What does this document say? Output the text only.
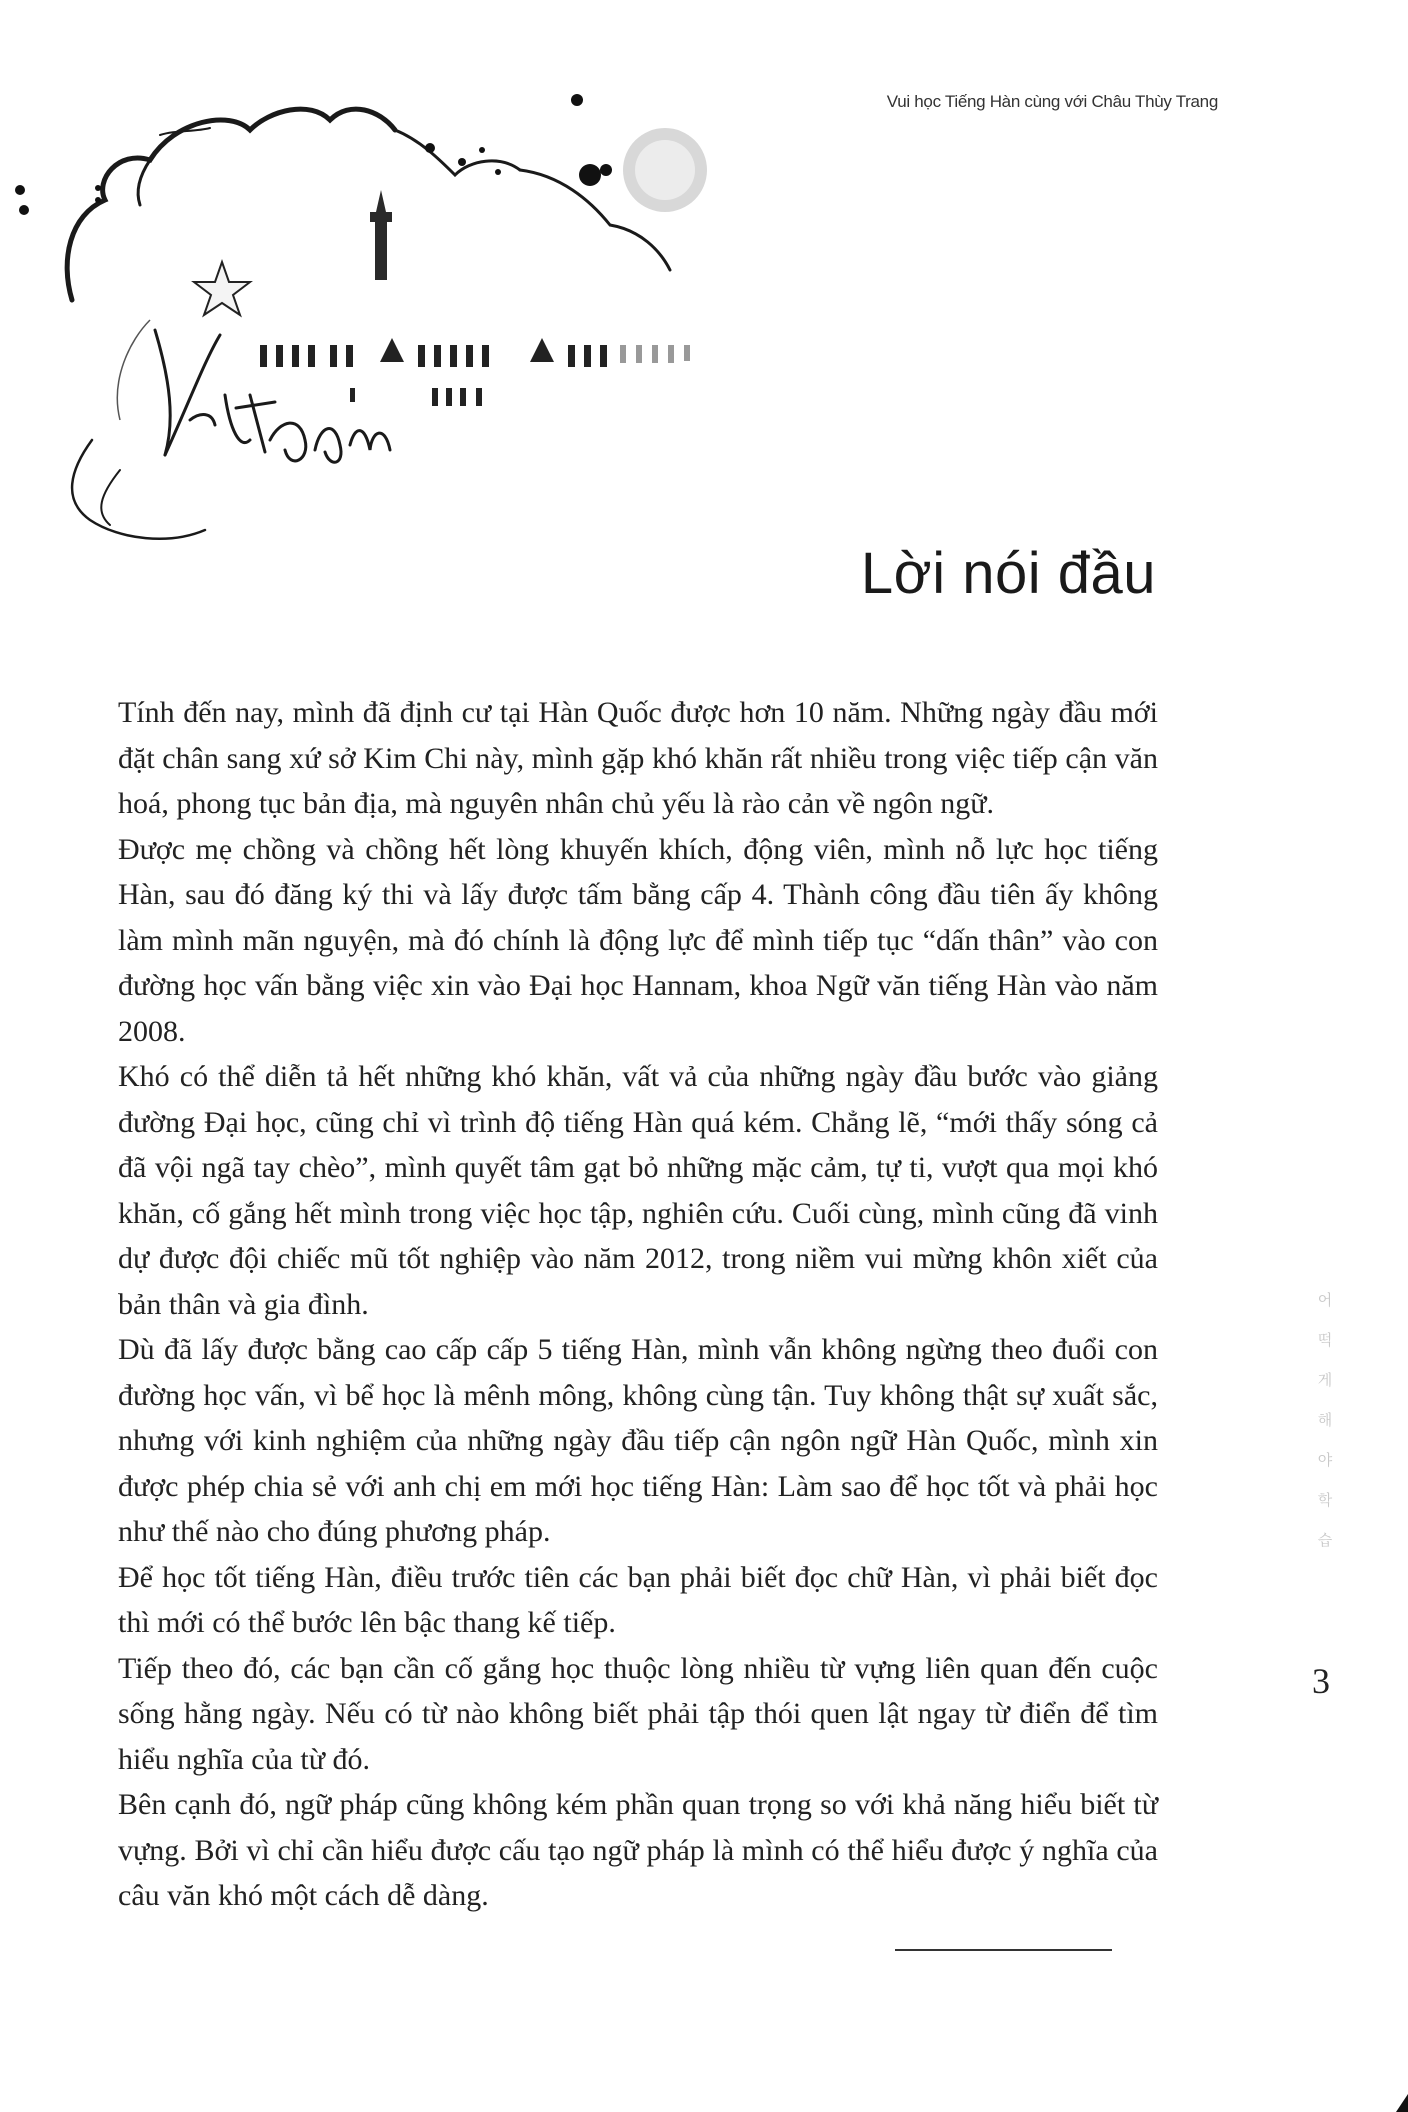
Vui học Tiếng Hàn cùng với Châu Thùy Trang
Lời nói đầu

Tính đến nay, mình đã định cư tại Hàn Quốc được hơn 10 năm. Những ngày đầu mới đặt chân sang xứ sở Kim Chi này, mình gặp khó khăn rất nhiều trong việc tiếp cận văn hoá, phong tục bản địa, mà nguyên nhân chủ yếu là rào cản về ngôn ngữ.

Được mẹ chồng và chồng hết lòng khuyến khích, động viên, mình nỗ lực học tiếng Hàn, sau đó đăng ký thi và lấy được tấm bằng cấp 4. Thành công đầu tiên ấy không làm mình mãn nguyện, mà đó chính là động lực để mình tiếp tục “dấn thân” vào con đường học vấn bằng việc xin vào Đại học Hannam, khoa Ngữ văn tiếng Hàn vào năm 2008.

Khó có thể diễn tả hết những khó khăn, vất vả của những ngày đầu bước vào giảng đường Đại học, cũng chỉ vì trình độ tiếng Hàn quá kém. Chẳng lẽ, “mới thấy sóng cả đã vội ngã tay chèo”, mình quyết tâm gạt bỏ những mặc cảm, tự ti, vượt qua mọi khó khăn, cố gắng hết mình trong việc học tập, nghiên cứu. Cuối cùng, mình cũng đã vinh dự được đội chiếc mũ tốt nghiệp vào năm 2012, trong niềm vui mừng khôn xiết của bản thân và gia đình.

Dù đã lấy được bằng cao cấp cấp 5 tiếng Hàn, mình vẫn không ngừng theo đuổi con đường học vấn, vì bể học là mênh mông, không cùng tận. Tuy không thật sự xuất sắc, nhưng với kinh nghiệm của những ngày đầu tiếp cận ngôn ngữ Hàn Quốc, mình xin được phép chia sẻ với anh chị em mới học tiếng Hàn: Làm sao để học tốt và phải học như thế nào cho đúng phương pháp.

Để học tốt tiếng Hàn, điều trước tiên các bạn phải biết đọc chữ Hàn, vì phải biết đọc thì mới có thể bước lên bậc thang kế tiếp.

Tiếp theo đó, các bạn cần cố gắng học thuộc lòng nhiều từ vựng liên quan đến cuộc sống hằng ngày. Nếu có từ nào không biết phải tập thói quen lật ngay từ điển để tìm hiểu nghĩa của từ đó.

Bên cạnh đó, ngữ pháp cũng không kém phần quan trọng so với khả năng hiểu biết từ vựng. Bởi vì chỉ cần hiểu được cấu tạo ngữ pháp là mình có thể hiểu được ý nghĩa của câu văn khó một cách dễ dàng.

어 떡 게 해 야 학 습
3
